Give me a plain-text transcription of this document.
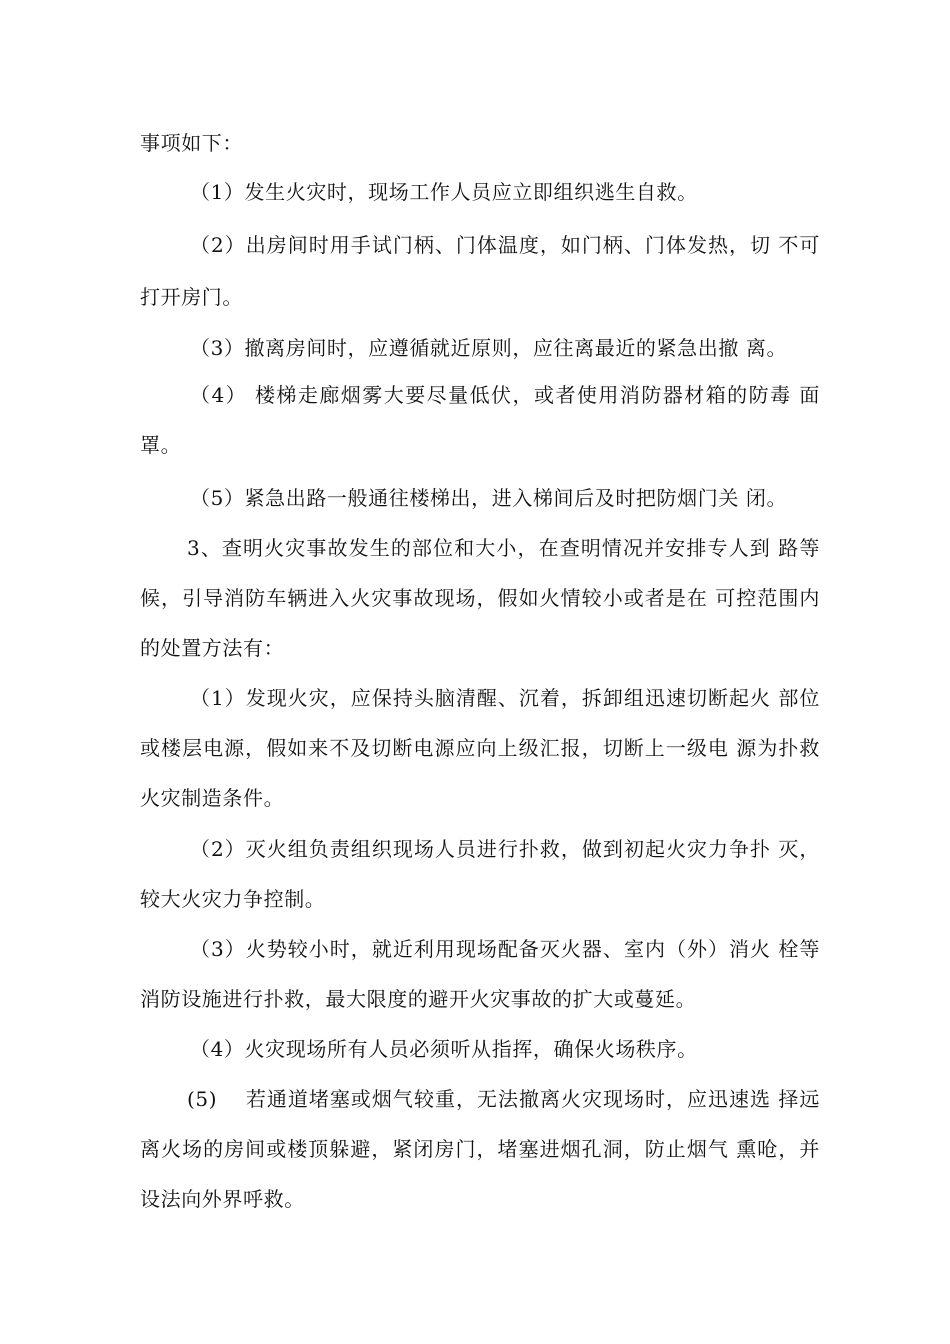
事项如下：
（1）发生火灾时，现场工作人员应立即组织逃生自救。
（2）出房间时用手试门柄、门体温度，如门柄、门体发热，切 不可
打开房门。
（3）撤离房间时，应遵循就近原则，应往离最近的紧急出撤 离。
（4） 楼梯走廊烟雾大要尽量低伏，或者使用消防器材箱的防毒 面
罩。
（5）紧急出路一般通往楼梯出，进入梯间后及时把防烟门关 闭。
3、查明火灾事故发生的部位和大小，在查明情况并安排专人到 路等
候，引导消防车辆进入火灾事故现场，假如火情较小或者是在 可控范围内
的处置方法有：
（1）发现火灾，应保持头脑清醒、沉着，拆卸组迅速切断起火 部位
或楼层电源，假如来不及切断电源应向上级汇报，切断上一级电 源为扑救
火灾制造条件。
（2）灭火组负责组织现场人员进行扑救，做到初起火灾力争扑 灭，
较大火灾力争控制。
（3）火势较小时，就近利用现场配备灭火器、室内（外）消火 栓等
消防设施进行扑救，最大限度的避开火灾事故的扩大或蔓延。
（4）火灾现场所有人员必须听从指挥，确保火场秩序。
(5)　 若通道堵塞或烟气较重，无法撤离火灾现场时，应迅速选 择远
离火场的房间或楼顶躲避，紧闭房门，堵塞进烟孔洞，防止烟气 熏呛，并
设法向外界呼救。
